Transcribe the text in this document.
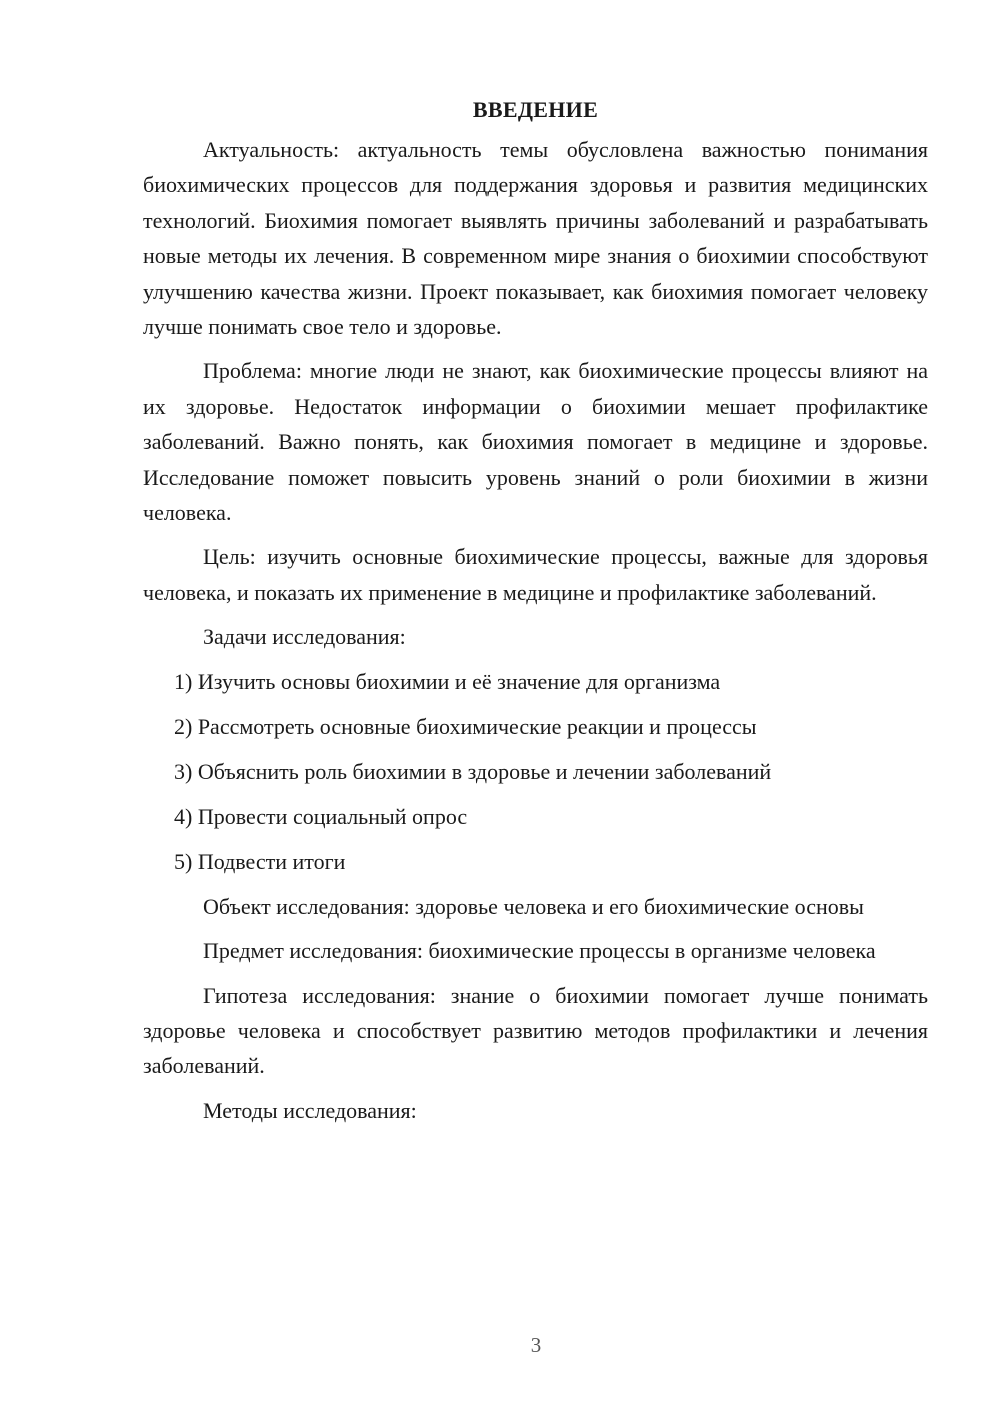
ВВЕДЕНИЕ

Актуальность: актуальность темы обусловлена важностью понимания биохимических процессов для поддержания здоровья и развития медицинских технологий. Биохимия помогает выявлять причины заболеваний и разрабатывать новые методы их лечения. В современном мире знания о биохимии способствуют улучшению качества жизни. Проект показывает, как биохимия помогает человеку лучше понимать свое тело и здоровье.

Проблема: многие люди не знают, как биохимические процессы влияют на их здоровье. Недостаток информации о биохимии мешает профилактике заболеваний. Важно понять, как биохимия помогает в медицине и здоровье. Исследование поможет повысить уровень знаний о роли биохимии в жизни человека.

Цель: изучить основные биохимические процессы, важные для здоровья человека, и показать их применение в медицине и профилактике заболеваний.

Задачи исследования:

1) Изучить основы биохимии и её значение для организма
2) Рассмотреть основные биохимические реакции и процессы
3) Объяснить роль биохимии в здоровье и лечении заболеваний
4) Провести социальный опрос
5) Подвести итоги

Объект исследования: здоровье человека и его биохимические основы

Предмет исследования: биохимические процессы в организме человека

Гипотеза исследования: знание о биохимии помогает лучше понимать здоровье человека и способствует развитию методов профилактики и лечения заболеваний.

Методы исследования:

3
